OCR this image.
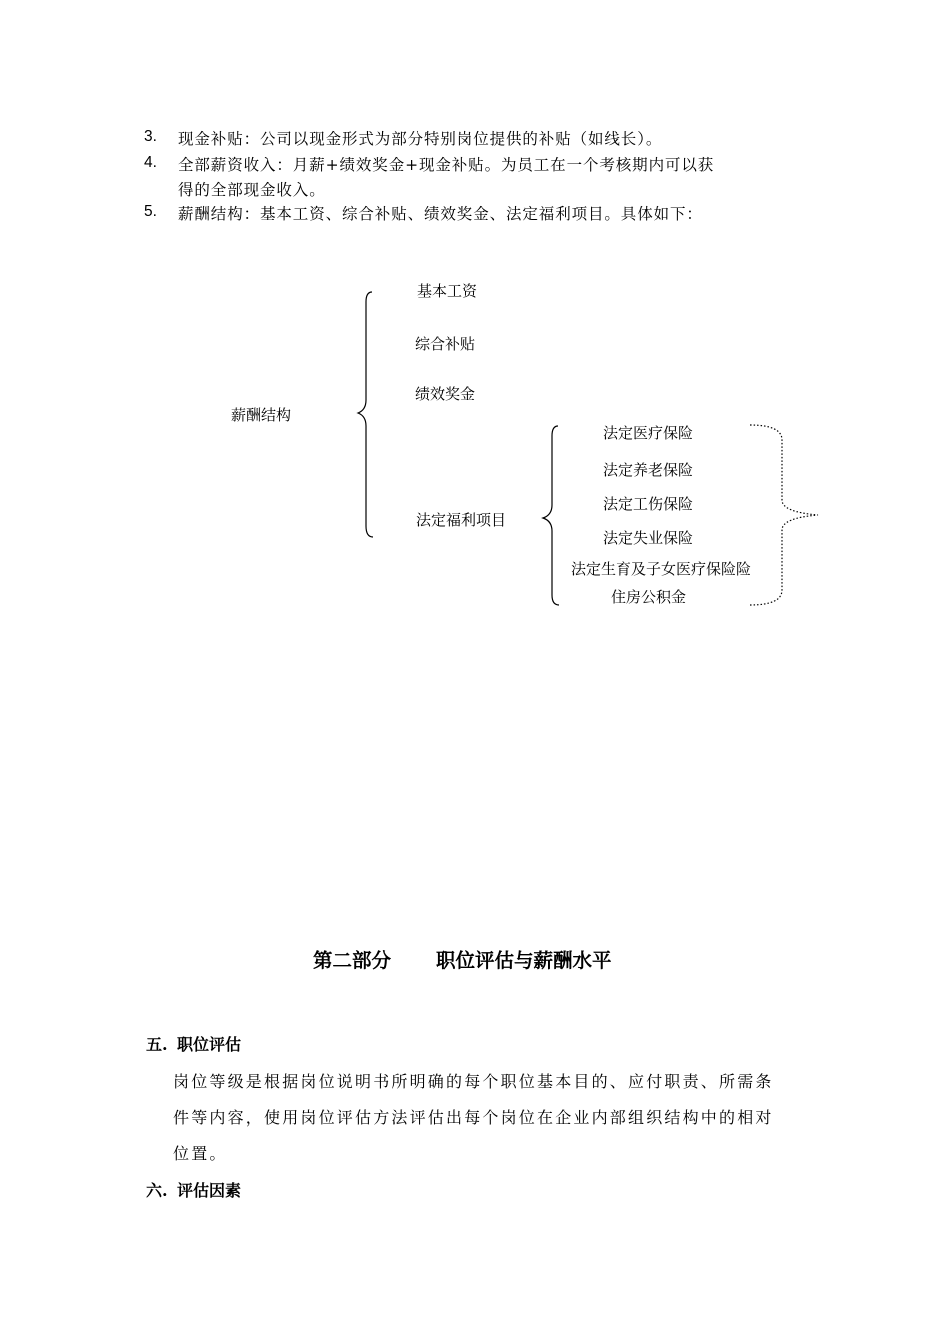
3. 现金补贴：公司以现金形式为部分特别岗位提供的补贴（如线长）。
4. 全部薪资收入：月薪+绩效奖金+现金补贴。为员工在一个考核期内可以获
得的全部现金收入。
5. 薪酬结构：基本工资、综合补贴、绩效奖金、法定福利项目。具体如下：
薪酬结构
基本工资
综合补贴
绩效奖金
法定福利项目
法定医疗保险
法定养老保险
法定工伤保险
法定失业保险
法定生育及子女医疗保险险
住房公积金
第二部分 职位评估与薪酬水平
五. 职位评估
岗位等级是根据岗位说明书所明确的每个职位基本目的、应付职责、所需条
件等内容，使用岗位评估方法评估出每个岗位在企业内部组织结构中的相对
位置。
六. 评估因素
